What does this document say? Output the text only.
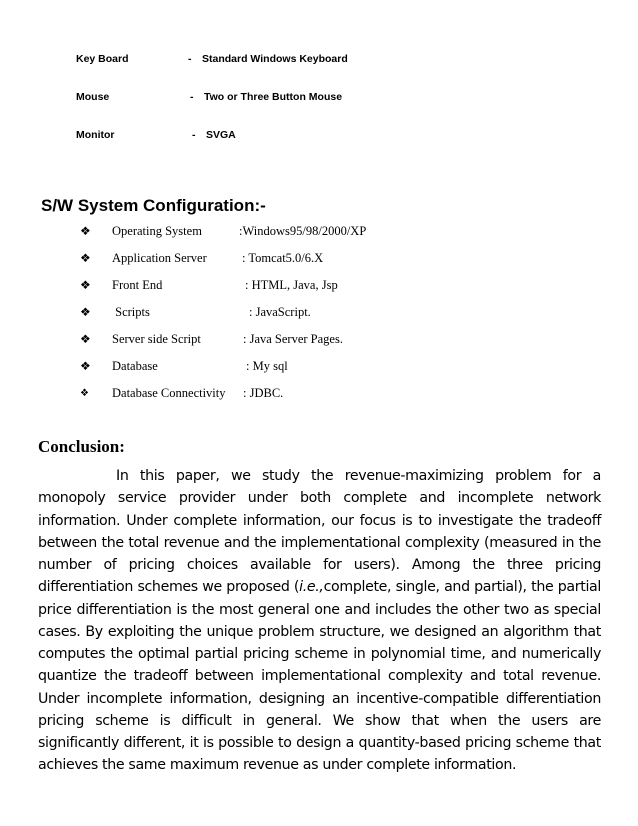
Key Board	- Standard Windows Keyboard
Mouse	- Two or Three Button Mouse
Monitor	- SVGA
S/W System Configuration:-
❖ Operating System	:Windows95/98/2000/XP
❖ Application Server	: Tomcat5.0/6.X
❖ Front End	: HTML, Java, Jsp
❖ Scripts	: JavaScript.
❖ Server side Script	: Java Server Pages.
❖ Database	: My sql
❖ Database Connectivity : JDBC.
Conclusion:
In this paper, we study the revenue-maximizing problem for a monopoly service provider under both complete and incomplete network information. Under complete information, our focus is to investigate the tradeoff between the total revenue and the implementational complexity (measured in the number of pricing choices available for users). Among the three pricing differentiation schemes we proposed (i.e.,complete, single, and partial), the partial price differentiation is the most general one and includes the other two as special cases. By exploiting the unique problem structure, we designed an algorithm that computes the optimal partial pricing scheme in polynomial time, and numerically quantize the tradeoff between implementational complexity and total revenue. Under incomplete information, designing an incentive-compatible differentiation pricing scheme is difficult in general. We show that when the users are significantly different, it is possible to design a quantity-based pricing scheme that achieves the same maximum revenue as under complete information.
